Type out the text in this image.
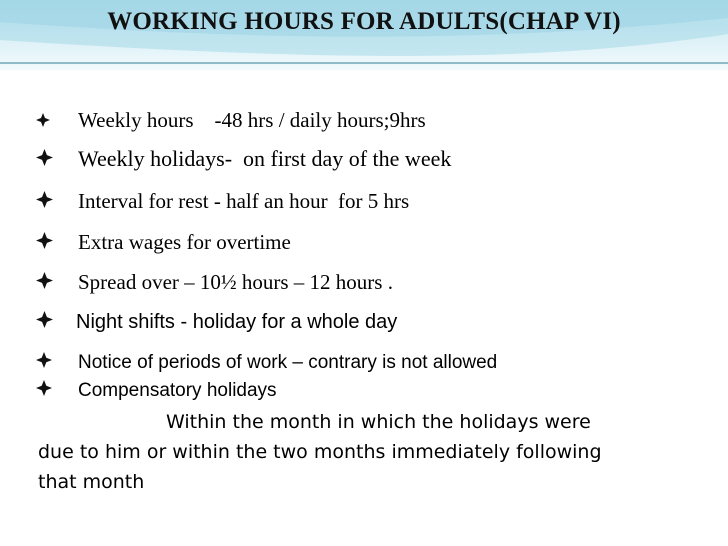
WORKING HOURS FOR ADULTS(CHAP VI)
Weekly hours    -48 hrs / daily hours;9hrs
Weekly holidays-  on first day of the week
Interval for rest - half an hour  for 5 hrs
Extra wages for overtime
Spread over – 10½ hours – 12 hours .
Night shifts - holiday for a whole day
Notice of periods of work – contrary is not allowed
Compensatory holidays
Within the month in which the holidays were
due to him or within the two months immediately following
that month
